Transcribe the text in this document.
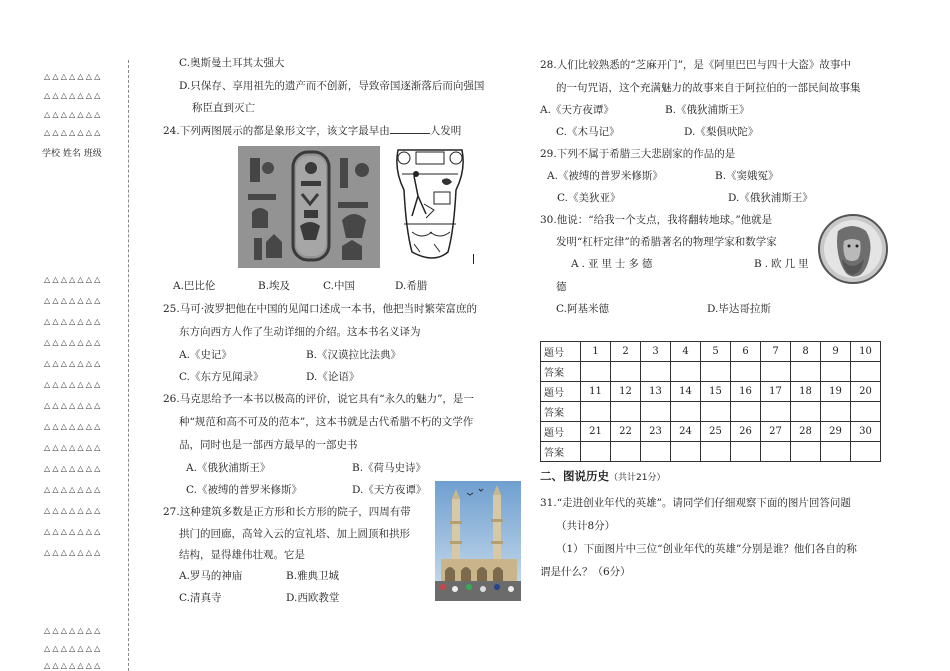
△△△△△△△
△△△△△△△
△△△△△△△
△△△△△△△
学校 姓名 班级
△△△△△△△
△△△△△△△
△△△△△△△
△△△△△△△
△△△△△△△
△△△△△△△
△△△△△△△
△△△△△△△
△△△△△△△
△△△△△△△
△△△△△△△
△△△△△△△
△△△△△△△
△△△△△△△
△△△△△△△
△△△△△△△
△△△△△△△
C.奥斯曼土耳其太强大
D.只保存、享用祖先的遗产而不创新，导致帝国逐渐落后而向强国
称臣直到灭亡
24.下列两图展示的都是象形文字，该文字最早由	人发明
A.巴比伦	B.埃及	C.中国	D.希腊
25.马可·波罗把他在中国的见闻口述成一本书，他把当时繁荣富庶的
东方向西方人作了生动详细的介绍。这本书名义译为
A.《史记》	B.《汉谟拉比法典》
C.《东方见闻录》	D.《论语》
26.马克思给予一本书以极高的评价，说它具有“永久的魅力”，是一
种“规范和高不可及的范本”，这本书就是古代希腊不朽的文学作
品，同时也是一部西方最早的一部史书
A.《俄狄浦斯王》	B.《荷马史诗》
C.《被缚的普罗米修斯》	D.《天方夜谭》
27.这种建筑多数是正方形和长方形的院子，四周有带
拱门的回廊，高耸入云的宣礼塔、加上圆顶和拱形
结构，显得雄伟壮观。它是
A.罗马的神庙	B.雅典卫城
C.清真寺	D.西欧教堂
28.人们比较熟悉的“芝麻开门”，是《阿里巴巴与四十大盗》故事中
的一句咒语，这个充满魅力的故事来自于阿拉伯的一部民间故事集
A.《天方夜谭》	B.《俄狄浦斯王》
C.《木马记》	D.《梨俱吠陀》
29.下列不属于希腊三大悲剧家的作品的是
A.《被缚的普罗米修斯》	B.《窦娥冤》
C.《美狄亚》	D.《俄狄浦斯王》
30.他说：“给我一个支点，我将翻转地球。”他就是
发明“杠杆定律”的希腊著名的物理学家和数学家
A.亚里士多德	B.欧几里
德
C.阿基米德	D.毕达哥拉斯
题号	1	2	3	4	5	6	7	8	9	10
答案										
题号	11	12	13	14	15	16	17	18	19	20
答案										
题号	21	22	23	24	25	26	27	28	29	30
答案										
二、图说历史（共计21分）
31.“走进创业年代的英雄”。请同学们仔细观察下面的图片回答问题
（共计8分）
（1）下面图片中三位“创业年代的英雄”分别是谁？他们各自的称
谓是什么？（6分）
